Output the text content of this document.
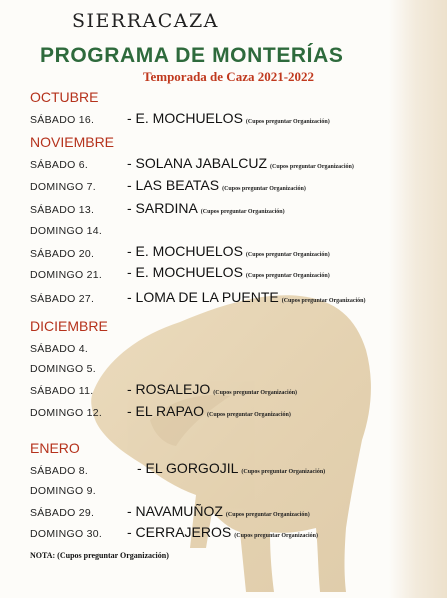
SIERRACAZA
PROGRAMA DE MONTERÍAS
Temporada de Caza 2021-2022
OCTUBRE
SÁBADO 16. - E. MOCHUELOS (Cupos preguntar Organización)
NOVIEMBRE
SÁBADO 6.	- SOLANA JABALCUZ (Cupos preguntar Organización)
DOMINGO 7. - LAS BEATAS (Cupos preguntar Organización)
SÁBADO 13. - SARDINA (Cupos preguntar Organización)
DOMINGO 14.
SÁBADO 20. - E. MOCHUELOS (Cupos preguntar Organización)
DOMINGO 21. - E. MOCHUELOS (Cupos preguntar Organización)
SÁBADO 27. - LOMA DE LA PUENTE (Cupos preguntar Organización)
DICIEMBRE
SÁBADO 4.
DOMINGO 5.
SÁBADO 11. - ROSALEJO (Cupos preguntar Organización)
DOMINGO 12. - EL RAPAO (Cupos preguntar Organización)
ENERO
SÁBADO 8.	- EL GORGOJIL (Cupos preguntar Organización)
DOMINGO 9.
SÁBADO 29. - NAVAMUÑOZ (Cupos preguntar Organización)
DOMINGO 30. - CERRAJEROS (Cupos preguntar Organización)
NOTA: (Cupos preguntar Organización)
